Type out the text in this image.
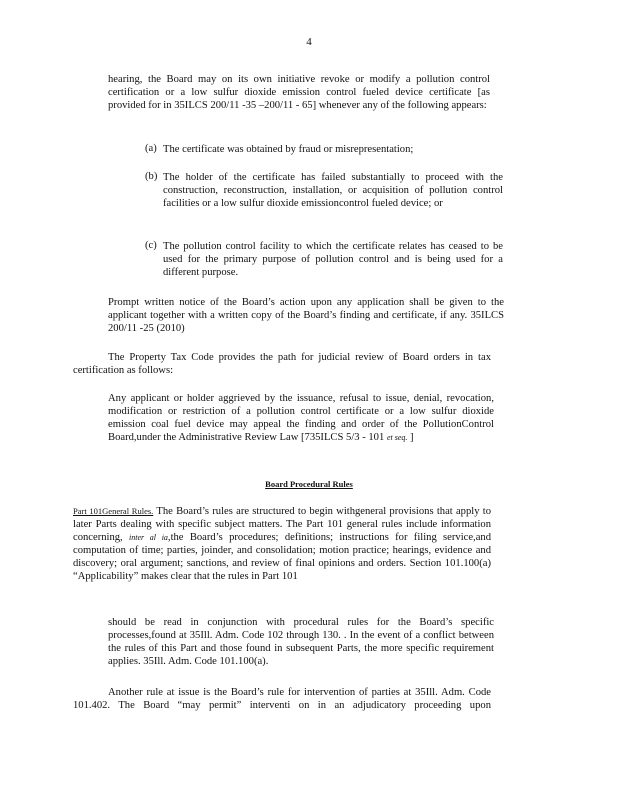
4
hearing, the Board may on its own initiative revoke or modify a pollution control certification or a low sulfur dioxide emission control fueled device certificate [as provided for in 35ILCS 200/11 -35 –200/11 - 65] whenever any of the following appears:
(a) The certificate was obtained by fraud or misrepresentation;
(b) The holder of the certificate has failed substantially to proceed with the construction, reconstruction, installation, or acquisition of pollution control facilities or a low sulfur dioxide emissioncontrol fueled device; or
(c) The pollution control facility to which the certificate relates has ceased to be used for the primary purpose of pollution control and is being used for a different purpose.
Prompt written notice of the Board’s action upon any application shall be given to the applicant together with a written copy of the Board’s finding and certificate, if any. 35ILCS 200/11 -25 (2010)
The Property Tax Code provides the path for judicial review of Board orders in tax certification as follows:
Any applicant or holder aggrieved by the issuance, refusal to issue, denial, revocation, modification or restriction of a pollution control certificate or a low sulfur dioxide emission coal fuel device may appeal the finding and order of the PollutionControl Board,under the Administrative Review Law [735ILCS 5/3 - 101 et seq. ]
Board Procedural Rules
Part 101General Rules. The Board’s rules are structured to begin withgeneral provisions that apply to later Parts dealing with specific subject matters. The Part 101 general rules include information concerning, inter al ia,the Board’s procedures; definitions; instructions for filing service,and computation of time; parties, joinder, and consolidation; motion practice; hearings, evidence and discovery; oral argument; sanctions, and review of final opinions and orders. Section 101.100(a) “Applicability” makes clear that the rules in Part 101
should be read in conjunction with procedural rules for the Board’s specific processes,found at 35Ill. Adm. Code 102 through 130. . In the event of a conflict between the rules of this Part and those found in subsequent Parts, the more specific requirement applies. 35Ill. Adm. Code 101.100(a).
Another rule at issue is the Board’s rule for intervention of parties at 35Ill. Adm. Code 101.402. The Board “may permit” interventi on in an adjudicatory proceeding upon
